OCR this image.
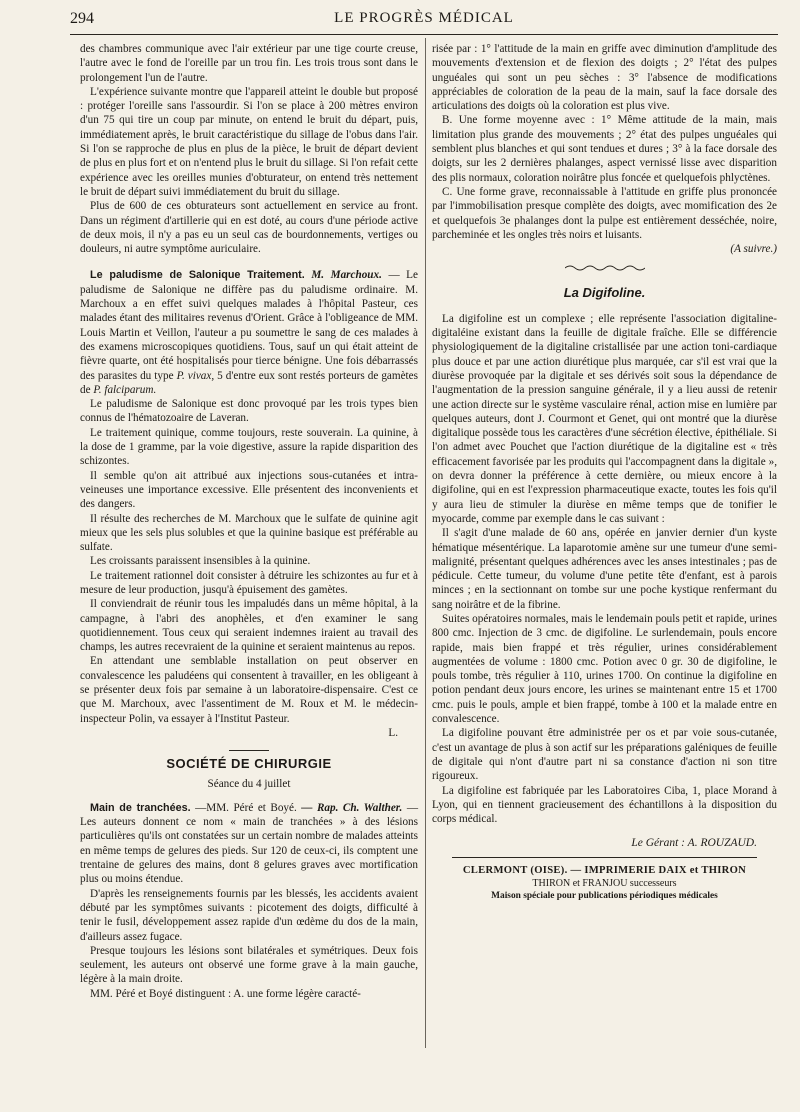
294	LE PROGRÈS MÉDICAL

des chambres communique avec l'air extérieur par une tige courte creuse, l'autre avec le fond de l'oreille par un trou fin. Les trois trous sont dans le prolongement l'un de l'autre.

L'expérience suivante montre que l'appareil atteint le double but proposé : protéger l'oreille sans l'assourdir. Si l'on se place à 200 mètres environ d'un 75 qui tire un coup par minute, on entend le bruit du départ, puis, immédiatement après, le bruit caractéristique du sillage de l'obus dans l'air. Si l'on se rapproche de plus en plus de la pièce, le bruit de départ devient de plus en plus fort et on n'entend plus le bruit du sillage. Si l'on refait cette expérience avec les oreilles munies d'obturateur, on entend très nettement le bruit de départ suivi immédiatement du bruit du sillage.

Plus de 600 de ces obturateurs sont actuellement en service au front. Dans un régiment d'artillerie qui en est doté, au cours d'une période active de deux mois, il n'y a pas eu un seul cas de bourdonnements, vertiges ou douleurs, ni autre symptôme auriculaire.

Le paludisme de Salonique Traitement. M. Marchoux. — Le paludisme de Salonique ne diffère pas du paludisme ordinaire. M. Marchoux a en effet suivi quelques malades à l'hôpital Pasteur, ces malades étant des militaires revenus d'Orient. Grâce à l'obligeance de MM. Louis Martin et Veillon, l'auteur a pu soumettre le sang de ces malades à des examens microscopiques quotidiens. Tous, sauf un qui était atteint de fièvre quarte, ont été hospitalisés pour tierce bénigne. Une fois débarrassés des parasites du type P. vivax, 5 d'entre eux sont restés porteurs de gamètes de P. falciparum.

Le paludisme de Salonique est donc provoqué par les trois types bien connus de l'hématozoaire de Laveran.

Le traitement quinique, comme toujours, reste souverain. La quinine, à la dose de 1 gramme, par la voie digestive, assure la rapide disparition des schizontes.

Il semble qu'on ait attribué aux injections sous-cutanées et intra-veineuses une importance excessive. Elle présentent des inconvenients et des dangers.

Il résulte des recherches de M. Marchoux que le sulfate de quinine agit mieux que les sels plus solubles et que la quinine basique est préférable au sulfate.

Les croissants paraissent insensibles à la quinine.

Le traitement rationnel doit consister à détruire les schizontes au fur et à mesure de leur production, jusqu'à épuisement des gamètes.

Il conviendrait de réunir tous les impaludés dans un même hôpital, à la campagne, à l'abri des anophèles, et d'en examiner le sang quotidiennement. Tous ceux qui seraient indemnes iraient au travail des champs, les autres recevraient de la quinine et seraient maintenus au repos.

En attendant une semblable installation on peut observer en convalescence les paludéens qui consentent à travailler, en les obligeant à se présenter deux fois par semaine à un laboratoire-dispensaire. C'est ce que M. Marchoux, avec l'assentiment de M. Roux et M. le médecin-inspecteur Polin, va essayer à l'Institut Pasteur.

L.
SOCIÉTÉ DE CHIRURGIE
Séance du 4 juillet

Main de tranchées. —MM. Péré et Boyé. — Rap. Ch. Walther. — Les auteurs donnent ce nom « main de tranchées » à des lésions particulières qu'ils ont constatées sur un certain nombre de malades atteints en même temps de gelures des pieds. Sur 120 de ceux-ci, ils comptent une trentaine de gelures des mains, dont 8 gelures graves avec mortification plus ou moins étendue.

D'après les renseignements fournis par les blessés, les accidents avaient débuté par les symptômes suivants : picotement des doigts, difficulté à tenir le fusil, développement assez rapide d'un œdème du dos de la main, d'ailleurs assez fugace.

Presque toujours les lésions sont bilatérales et symétriques. Deux fois seulement, les auteurs ont observé une forme grave à la main gauche, légère à la main droite.

MM. Péré et Boyé distinguent : A. une forme légère caracté-

risée par : 1° l'attitude de la main en griffe avec diminution d'amplitude des mouvements d'extension et de flexion des doigts ; 2° l'état des pulpes unguéales qui sont un peu sèches : 3° l'absence de modifications appréciables de coloration de la peau de la main, sauf la face dorsale des articulations des doigts où la coloration est plus vive.

B. Une forme moyenne avec : 1° Même attitude de la main, mais limitation plus grande des mouvements ; 2° état des pulpes unguéales qui semblent plus blanches et qui sont tendues et dures ; 3° à la face dorsale des doigts, sur les 2 dernières phalanges, aspect vernissé lisse avec disparition des plis normaux, coloration noirâtre plus foncée et quelquefois phlyctènes.

C. Une forme grave, reconnaissable à l'attitude en griffe plus prononcée par l'immobilisation presque complète des doigts, avec momification des 2e et quelquefois 3e phalanges dont la pulpe est entièrement desséchée, noire, parcheminée et les ongles très noirs et luisants.

(A suivre.)
La Digifoline.

La digifoline est un complexe ; elle représente l'association digitaline-digitaléine existant dans la feuille de digitale fraîche. Elle se différencie physiologiquement de la digitaline cristallisée par une action toni-cardiaque plus douce et par une action diurétique plus marquée, car s'il est vrai que la diurèse provoquée par la digitale et ses dérivés soit sous la dépendance de l'augmentation de la pression sanguine générale, il y a lieu aussi de retenir une action directe sur le système vasculaire rénal, action mise en lumière par quelques auteurs, dont J. Courmont et Genet, qui ont montré que la diurèse digitalique possède tous les caractères d'une sécrétion élective, épithéliale. Si l'on admet avec Pouchet que l'action diurétique de la digitaline est « très efficacement favorisée par les produits qui l'accompagnent dans la digitale », on devra donner la préférence à cette dernière, ou mieux encore à la digifoline, qui en est l'expression pharmaceutique exacte, toutes les fois qu'il y aura lieu de stimuler la diurèse en même temps que de tonifier le myocarde, comme par exemple dans le cas suivant :

Il s'agit d'une malade de 60 ans, opérée en janvier dernier d'un kyste hématique mésentérique. La laparotomie amène sur une tumeur d'une semi-malignité, présentant quelques adhérences avec les anses intestinales ; pas de pédicule. Cette tumeur, du volume d'une petite tête d'enfant, est à parois minces ; en la sectionnant on tombe sur une poche kystique renfermant du sang noirâtre et de la fibrine.

Suites opératoires normales, mais le lendemain pouls petit et rapide, urines 800 cmc. Injection de 3 cmc. de digifoline. Le surlendemain, pouls encore rapide, mais bien frappé et très régulier, urines considérablement augmentées de volume : 1800 cmc. Potion avec 0 gr. 30 de digifoline, le pouls tombe, très régulier à 110, urines 1700. On continue la digifoline en potion pendant deux jours encore, les urines se maintenant entre 15 et 1700 cmc. puis le pouls, ample et bien frappé, tombe à 100 et la malade entre en convalescence.

La digifoline pouvant être administrée per os et par voie sous-cutanée, c'est un avantage de plus à son actif sur les préparations galéniques de feuille de digitale qui n'ont d'autre part ni sa constance d'action ni son titre rigoureux.

La digifoline est fabriquée par les Laboratoires Ciba, 1, place Morand à Lyon, qui en tiennent gracieusement des échantillons à la disposition du corps médical.

Le Gérant : A. ROUZAUD.
CLERMONT (OISE). — IMPRIMERIE DAIX et THIRON
THIRON et FRANJOU successeurs
Maison spéciale pour publications périodiques médicales
